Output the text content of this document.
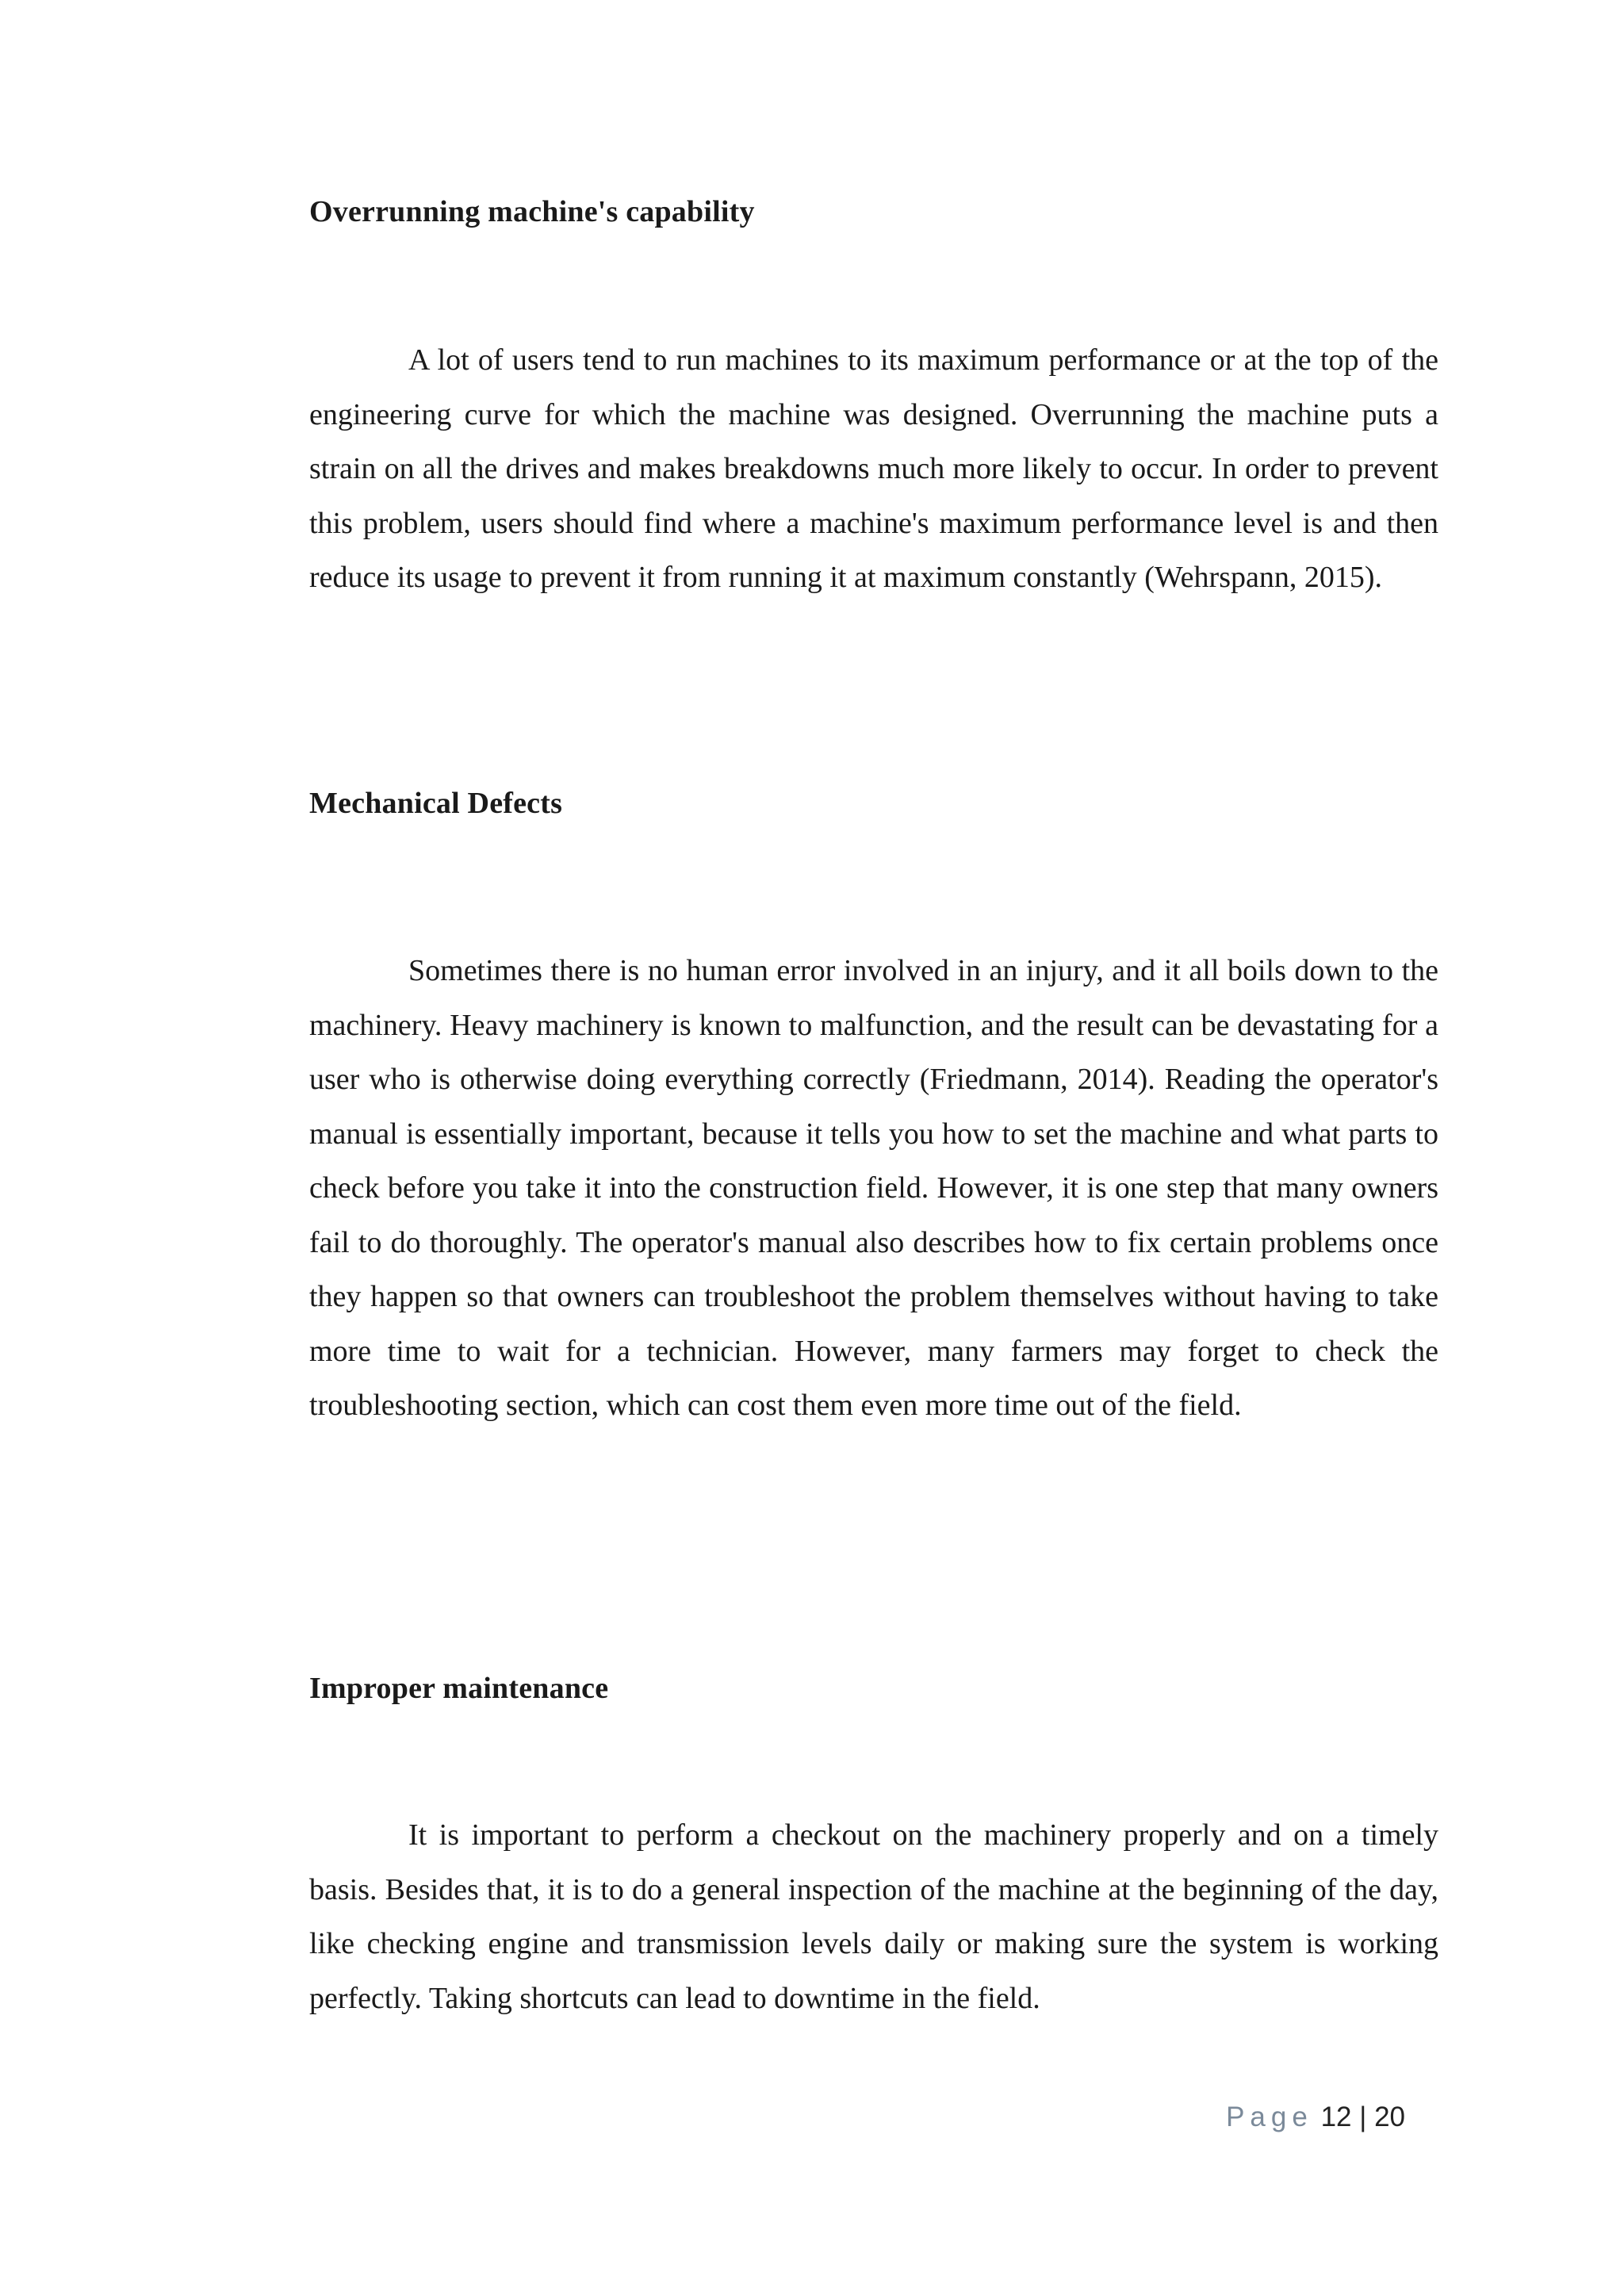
Overrunning machine's capability

A lot of users tend to run machines to its maximum performance or at the top of the engineering curve for which the machine was designed. Overrunning the machine puts a strain on all the drives and makes breakdowns much more likely to occur. In order to prevent this problem, users should find where a machine's maximum performance level is and then reduce its usage to prevent it from running it at maximum constantly (Wehrspann, 2015).

Mechanical Defects

Sometimes there is no human error involved in an injury, and it all boils down to the machinery. Heavy machinery is known to malfunction, and the result can be devastating for a user who is otherwise doing everything correctly (Friedmann, 2014). Reading the operator's manual is essentially important, because it tells you how to set the machine and what parts to check before you take it into the construction field. However, it is one step that many owners fail to do thoroughly. The operator's manual also describes how to fix certain problems once they happen so that owners can troubleshoot the problem themselves without having to take more time to wait for a technician. However, many farmers may forget to check the troubleshooting section, which can cost them even more time out of the field.

Improper maintenance

It is important to perform a checkout on the machinery properly and on a timely basis. Besides that, it is to do a general inspection of the machine at the beginning of the day, like checking engine and transmission levels daily or making sure the system is working perfectly. Taking shortcuts can lead to downtime in the field.

Page 12 | 20
